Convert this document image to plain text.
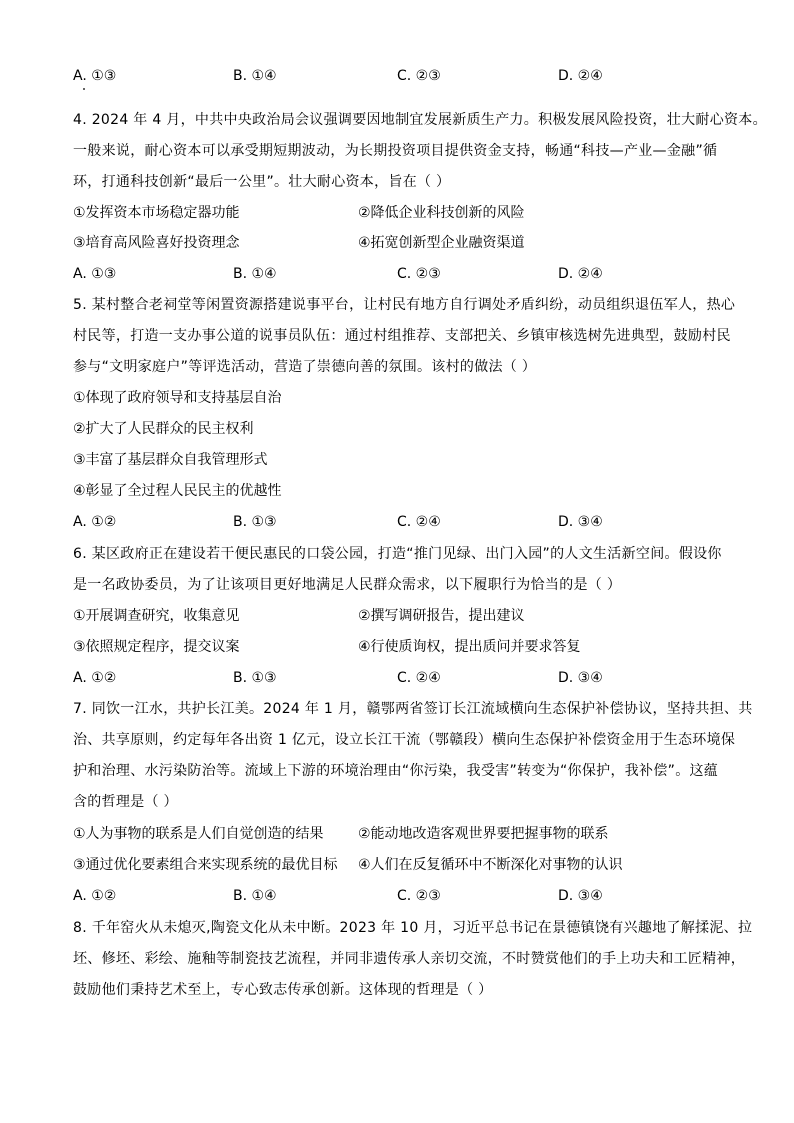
A. ①③	B. ①④	C. ②③	D. ②④
4. 2024 年 4 月，中共中央政治局会议强调要因地制宜发展新质生产力。积极发展风险投资，壮大耐心资本。
一般来说，耐心资本可以承受期短期波动，为长期投资项目提供资金支持，畅通“科技—产业—金融”循
环，打通科技创新“最后一公里”。壮大耐心资本，旨在（ ）
①发挥资本市场稳定器功能	②降低企业科技创新的风险
③培育高风险喜好投资理念	④拓宽创新型企业融资渠道
A. ①③	B. ①④	C. ②③	D. ②④
5. 某村整合老祠堂等闲置资源搭建说事平台，让村民有地方自行调处矛盾纠纷，动员组织退伍军人，热心
村民等，打造一支办事公道的说事员队伍：通过村组推荐、支部把关、乡镇审核选树先进典型，鼓励村民
参与“文明家庭户”等评选活动，营造了崇德向善的氛围。该村的做法（ ）
①体现了政府领导和支持基层自治
②扩大了人民群众的民主权利
③丰富了基层群众自我管理形式
④彰显了全过程人民民主的优越性
A. ①②	B. ①③	C. ②④	D. ③④
6. 某区政府正在建设若干便民惠民的口袋公园，打造“推门见绿、出门入园”的人文生活新空间。假设你
是一名政协委员，为了让该项目更好地满足人民群众需求，以下履职行为恰当的是（ ）
①开展调查研究，收集意见	②撰写调研报告，提出建议
③依照规定程序，提交议案	④行使质询权，提出质问并要求答复
A. ①②	B. ①③	C. ②④	D. ③④
7. 同饮一江水，共护长江美。2024 年 1 月，赣鄂两省签订长江流域横向生态保护补偿协议，坚持共担、共
治、共享原则，约定每年各出资 1 亿元，设立长江干流（鄂赣段）横向生态保护补偿资金用于生态环境保
护和治理、水污染防治等。流域上下游的环境治理由“你污染，我受害”转变为“你保护，我补偿”。这蕴
含的哲理是（ ）
①人为事物的联系是人们自觉创造的结果 ②能动地改造客观世界要把握事物的联系
③通过优化要素组合来实现系统的最优目标 ④人们在反复循环中不断深化对事物的认识
A. ①②	B. ①④	C. ②③	D. ③④
8. 千年窑火从未熄灭,陶瓷文化从未中断。2023 年 10 月，习近平总书记在景德镇饶有兴趣地了解揉泥、拉
坯、修坯、彩绘、施釉等制瓷技艺流程，并同非遗传承人亲切交流，不时赞赏他们的手上功夫和工匠精神，
鼓励他们秉持艺术至上，专心致志传承创新。这体现的哲理是（ ）
